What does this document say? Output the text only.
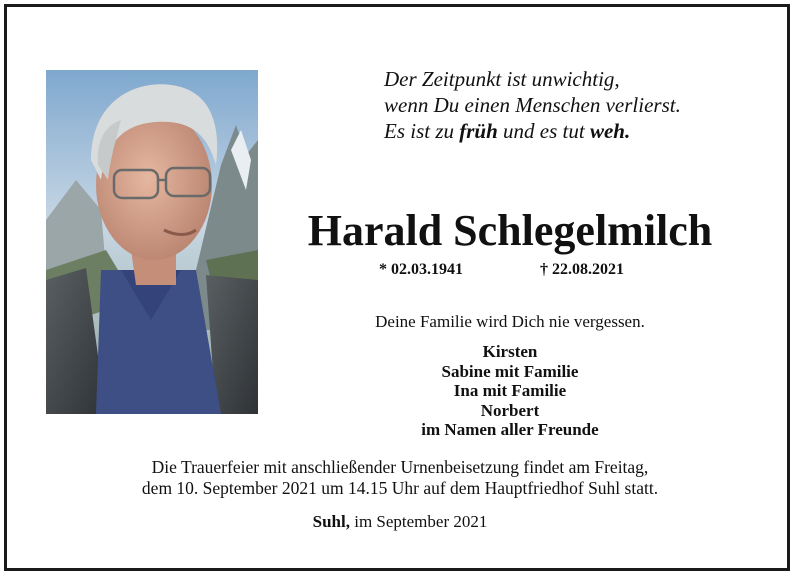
Der Zeitpunkt ist unwichtig,
wenn Du einen Menschen verlierst.
Es ist zu früh und es tut weh.
Harald Schlegelmilch
* 02.03.1941	† 22.08.2021
Deine Familie wird Dich nie vergessen.
Kirsten
Sabine mit Familie
Ina mit Familie
Norbert
im Namen aller Freunde
Die Trauerfeier mit anschließender Urnenbeisetzung findet am Freitag,
dem 10. September 2021 um 14.15 Uhr auf dem Hauptfriedhof Suhl statt.
Suhl, im September 2021
